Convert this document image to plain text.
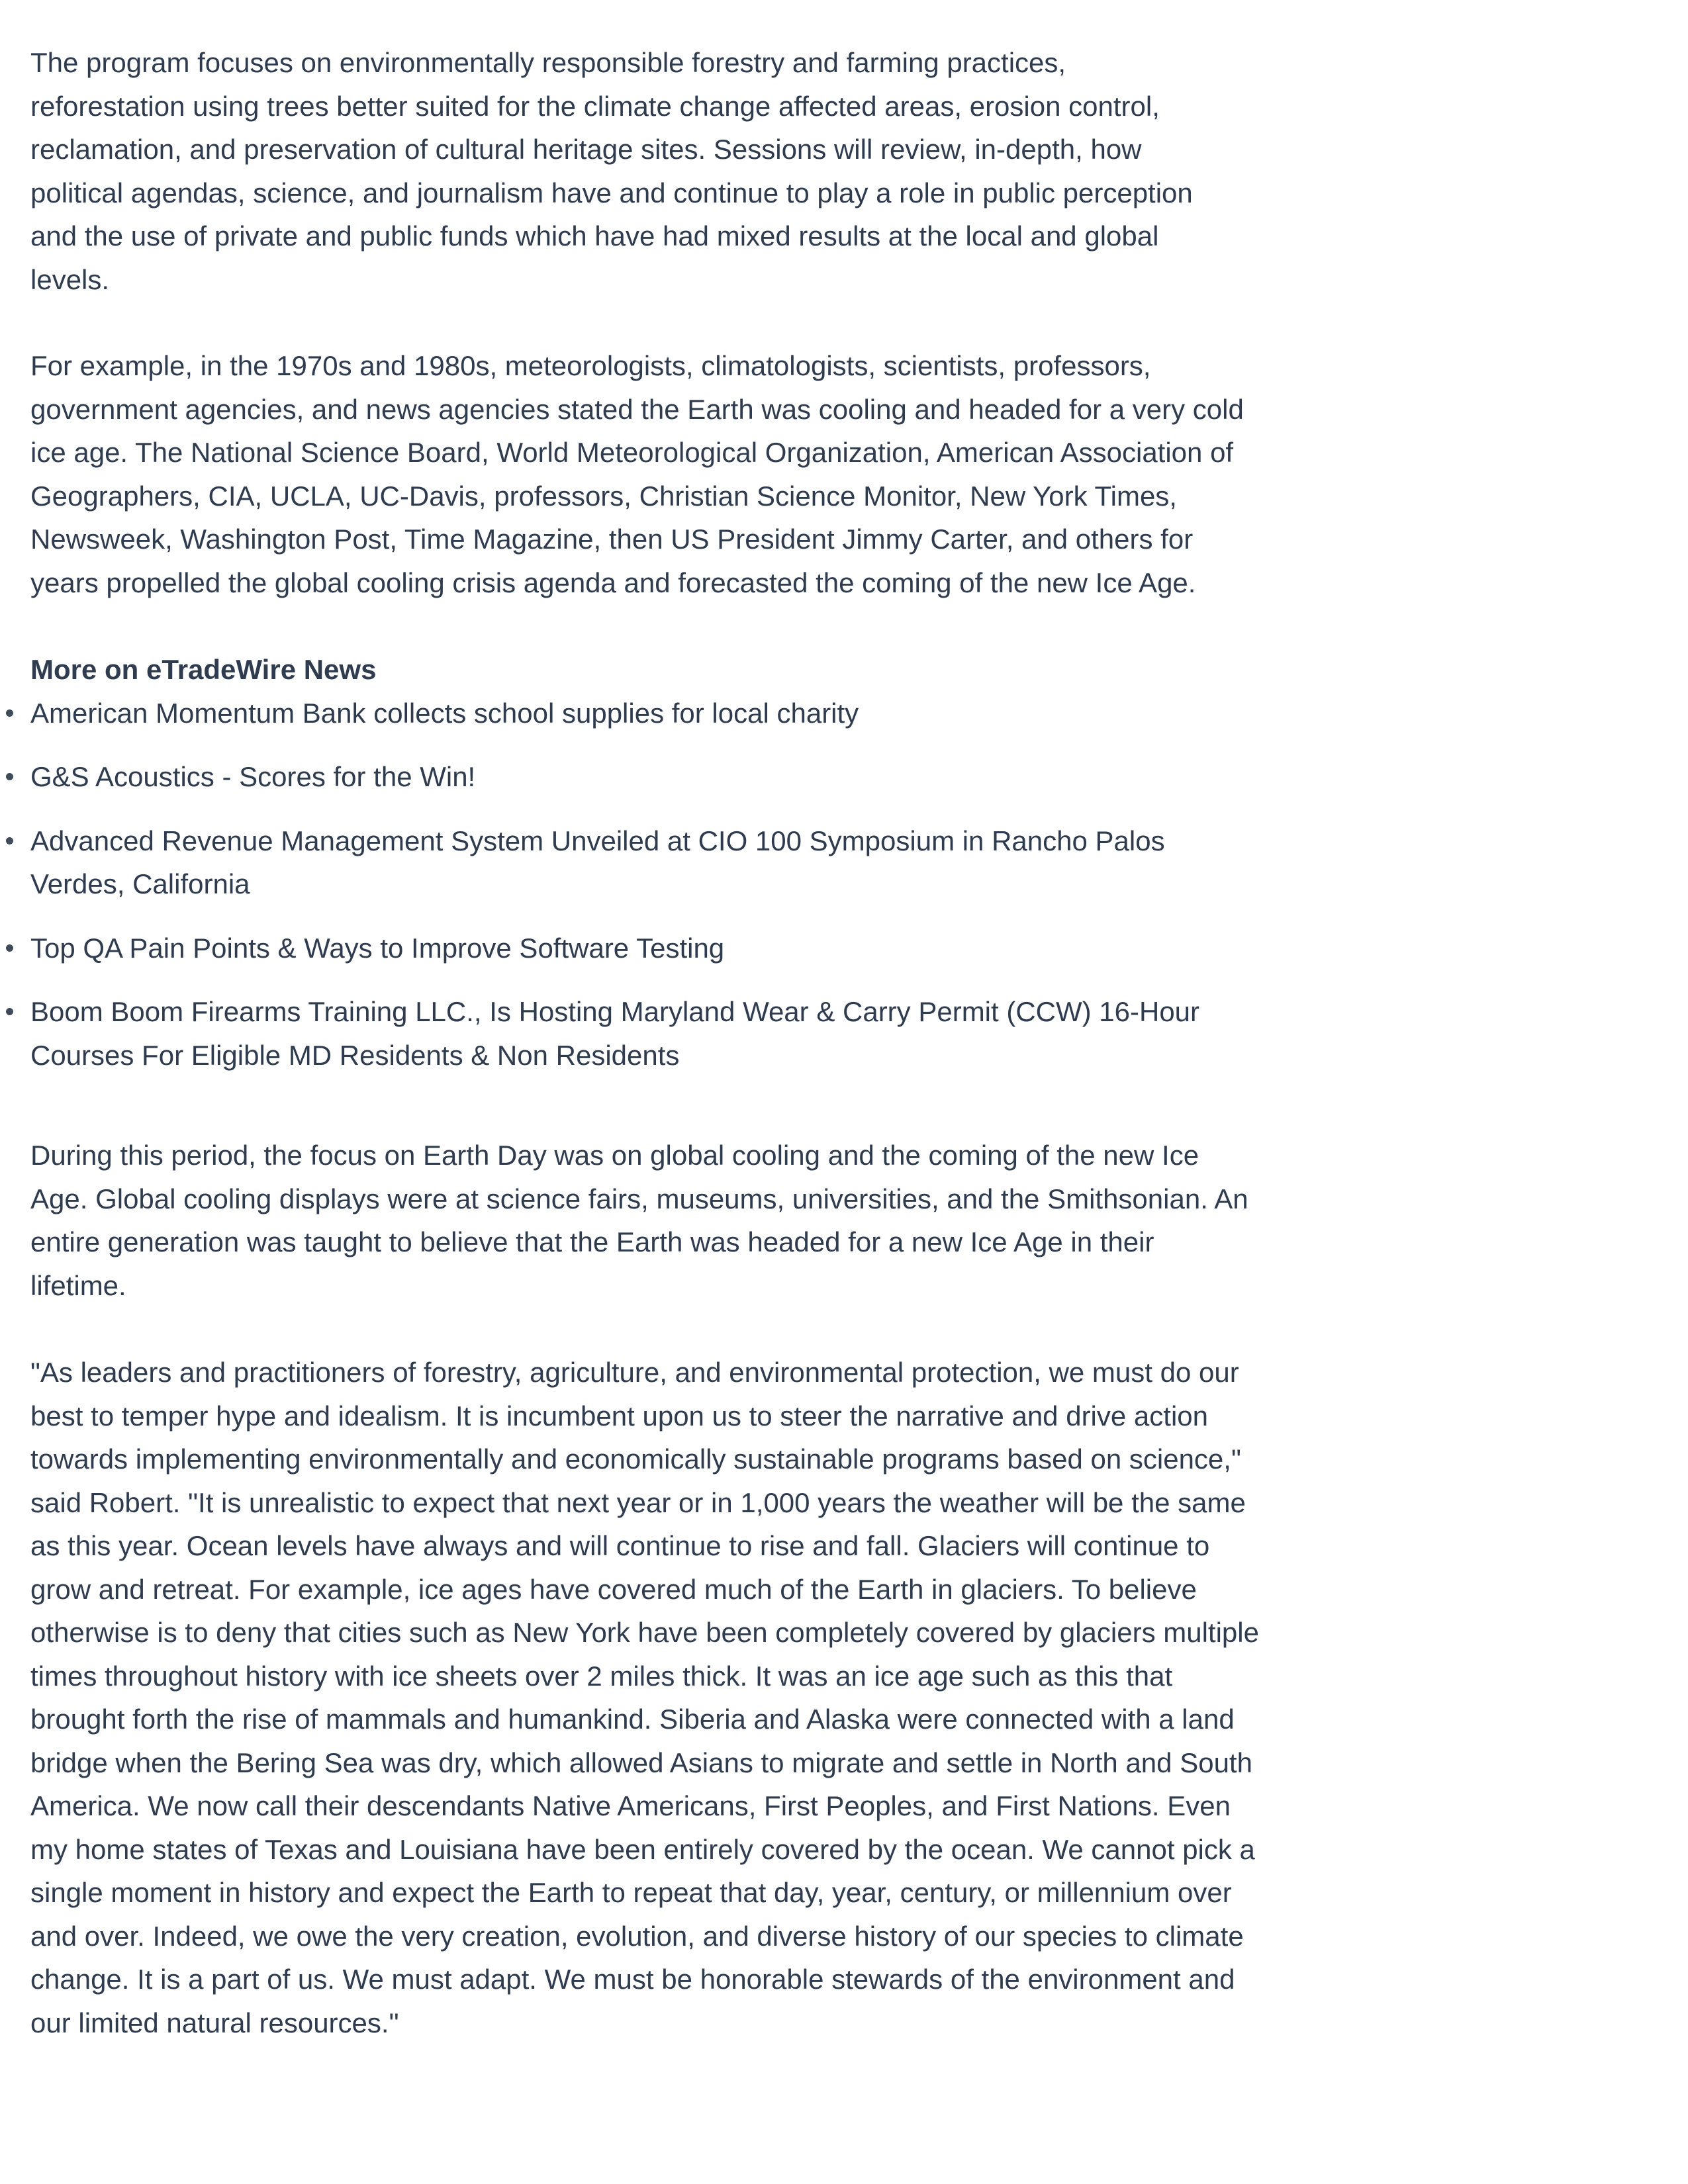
The program focuses on environmentally responsible forestry and farming practices, reforestation using trees better suited for the climate change affected areas, erosion control, reclamation, and preservation of cultural heritage sites. Sessions will review, in-depth, how political agendas, science, and journalism have and continue to play a role in public perception and the use of private and public funds which have had mixed results at the local and global levels.

For example, in the 1970s and 1980s, meteorologists, climatologists, scientists, professors, government agencies, and news agencies stated the Earth was cooling and headed for a very cold ice age. The National Science Board, World Meteorological Organization, American Association of Geographers, CIA, UCLA, UC-Davis, professors, Christian Science Monitor, New York Times, Newsweek, Washington Post, Time Magazine, then US President Jimmy Carter, and others for years propelled the global cooling crisis agenda and forecasted the coming of the new Ice Age.

More on eTradeWire News

American Momentum Bank collects school supplies for local charity
G&S Acoustics - Scores for the Win!
Advanced Revenue Management System Unveiled at CIO 100 Symposium in Rancho Palos Verdes, California
Top QA Pain Points & Ways to Improve Software Testing
Boom Boom Firearms Training LLC., Is Hosting Maryland Wear & Carry Permit (CCW) 16-Hour Courses For Eligible MD Residents & Non Residents

During this period, the focus on Earth Day was on global cooling and the coming of the new Ice Age. Global cooling displays were at science fairs, museums, universities, and the Smithsonian. An entire generation was taught to believe that the Earth was headed for a new Ice Age in their lifetime.

"As leaders and practitioners of forestry, agriculture, and environmental protection, we must do our best to temper hype and idealism. It is incumbent upon us to steer the narrative and drive action towards implementing environmentally and economically sustainable programs based on science," said Robert. "It is unrealistic to expect that next year or in 1,000 years the weather will be the same as this year. Ocean levels have always and will continue to rise and fall. Glaciers will continue to grow and retreat. For example, ice ages have covered much of the Earth in glaciers. To believe otherwise is to deny that cities such as New York have been completely covered by glaciers multiple times throughout history with ice sheets over 2 miles thick. It was an ice age such as this that brought forth the rise of mammals and humankind. Siberia and Alaska were connected with a land bridge when the Bering Sea was dry, which allowed Asians to migrate and settle in North and South America. We now call their descendants Native Americans, First Peoples, and First Nations. Even my home states of Texas and Louisiana have been entirely covered by the ocean. We cannot pick a single moment in history and expect the Earth to repeat that day, year, century, or millennium over and over. Indeed, we owe the very creation, evolution, and diverse history of our species to climate change. It is a part of us. We must adapt. We must be honorable stewards of the environment and our limited natural resources."
